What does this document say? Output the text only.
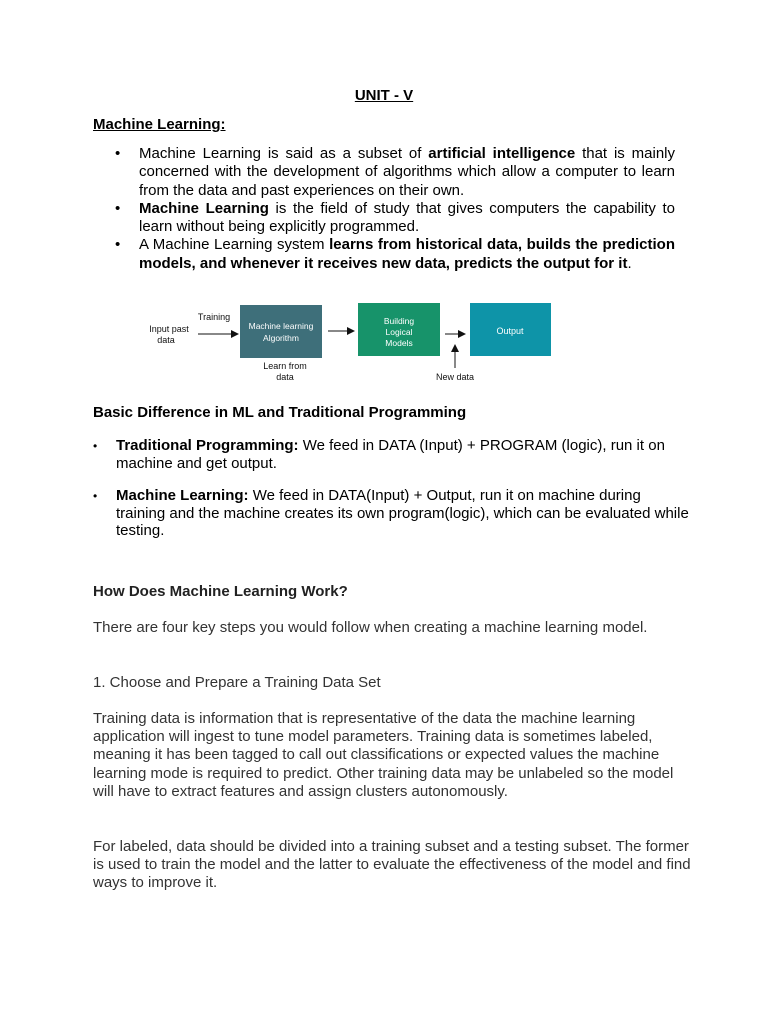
UNIT - V
Machine Learning:
• Machine Learning is said as a subset of artificial intelligence that is mainly concerned with the development of algorithms which allow a computer to learn from the data and past experiences on their own.
• Machine Learning is the field of study that gives computers the capability to learn without being explicitly programmed.
• A Machine Learning system learns from historical data, builds the prediction models, and whenever it receives new data, predicts the output for it.
Input past
data
Training
Machine learning
Algorithm
Learn from
data
Building
Logical
Models
Output
New data
Basic Difference in ML and Traditional Programming
• Traditional Programming: We feed in DATA (Input) + PROGRAM (logic), run it on machine and get output.
• Machine Learning: We feed in DATA(Input) + Output, run it on machine during training and the machine creates its own program(logic), which can be evaluated while testing.
How Does Machine Learning Work?

There are four key steps you would follow when creating a machine learning model.

1. Choose and Prepare a Training Data Set

Training data is information that is representative of the data the machine learning application will ingest to tune model parameters. Training data is sometimes labeled, meaning it has been tagged to call out classifications or expected values the machine learning mode is required to predict. Other training data may be unlabeled so the model will have to extract features and assign clusters autonomously.

For labeled, data should be divided into a training subset and a testing subset. The former is used to train the model and the latter to evaluate the effectiveness of the model and find ways to improve it.
